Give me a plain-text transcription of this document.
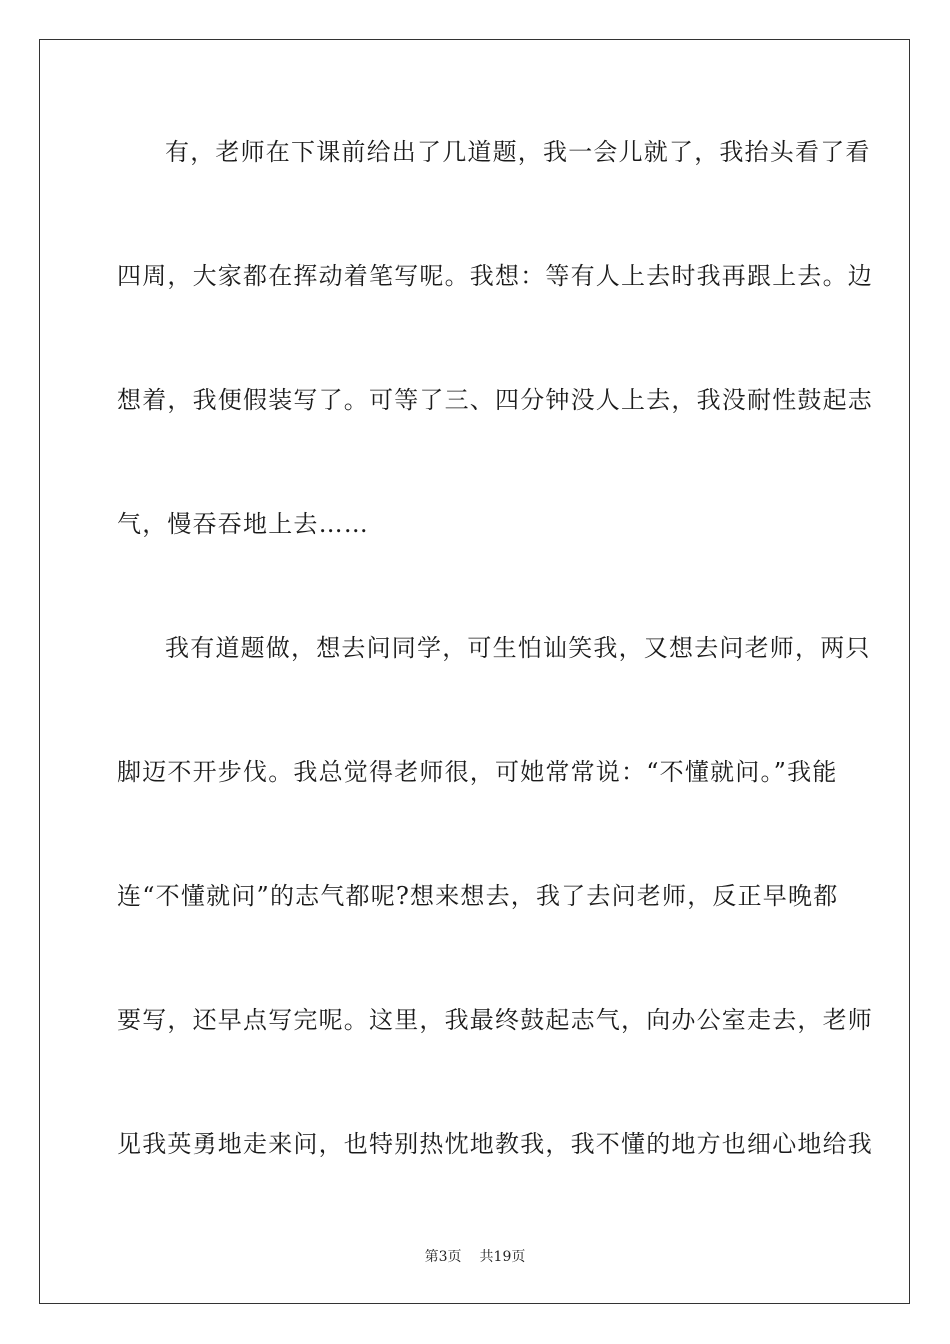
有，老师在下课前给出了几道题，我一会儿就了，我抬头看了看
四周，大家都在挥动着笔写呢。我想：等有人上去时我再跟上去。边
想着，我便假装写了。可等了三、四分钟没人上去，我没耐性鼓起志
气，慢吞吞地上去……
我有道题做，想去问同学，可生怕讪笑我，又想去问老师，两只
脚迈不开步伐。我总觉得老师很，可她常常说：“不懂就问。”我能
连“不懂就问”的志气都呢?想来想去，我了去问老师，反正早晚都
要写，还早点写完呢。这里，我最终鼓起志气，向办公室走去，老师
见我英勇地走来问，也特别热忱地教我，我不懂的地方也细心地给我
第3页 共19页
